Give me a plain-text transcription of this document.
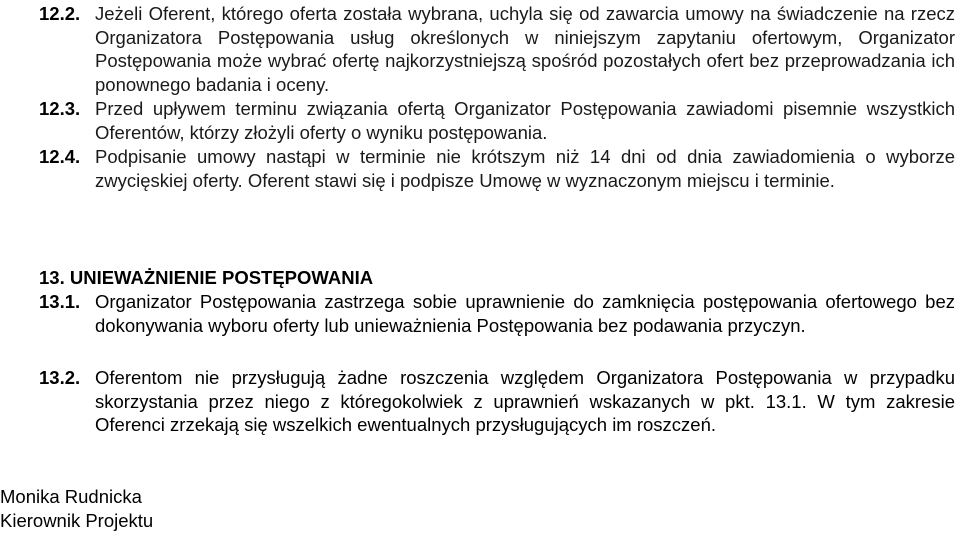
12.2. Jeżeli Oferent, którego oferta została wybrana, uchyla się od zawarcia umowy na świadczenie na rzecz Organizatora Postępowania usług określonych w niniejszym zapytaniu ofertowym, Organizator Postępowania może wybrać ofertę najkorzystniejszą spośród pozostałych ofert bez przeprowadzania ich ponownego badania i oceny.
12.3. Przed upływem terminu związania ofertą Organizator Postępowania zawiadomi pisemnie wszystkich Oferentów, którzy złożyli oferty o wyniku postępowania.
12.4. Podpisanie umowy nastąpi w terminie nie krótszym niż 14 dni od dnia zawiadomienia o wyborze zwycięskiej oferty. Oferent stawi się i podpisze Umowę w wyznaczonym miejscu i terminie.
13. UNIEWAŻNIENIE POSTĘPOWANIA
13.1. Organizator Postępowania zastrzega sobie uprawnienie do zamknięcia postępowania ofertowego bez dokonywania wyboru oferty lub unieważnienia Postępowania bez podawania przyczyn.
13.2. Oferentom nie przysługują żadne roszczenia względem Organizatora Postępowania w przypadku skorzystania przez niego z któregokolwiek z uprawnień wskazanych w pkt. 13.1. W tym zakresie Oferenci zrzekają się wszelkich ewentualnych przysługujących im roszczeń.
Monika Rudnicka
Kierownik Projektu
